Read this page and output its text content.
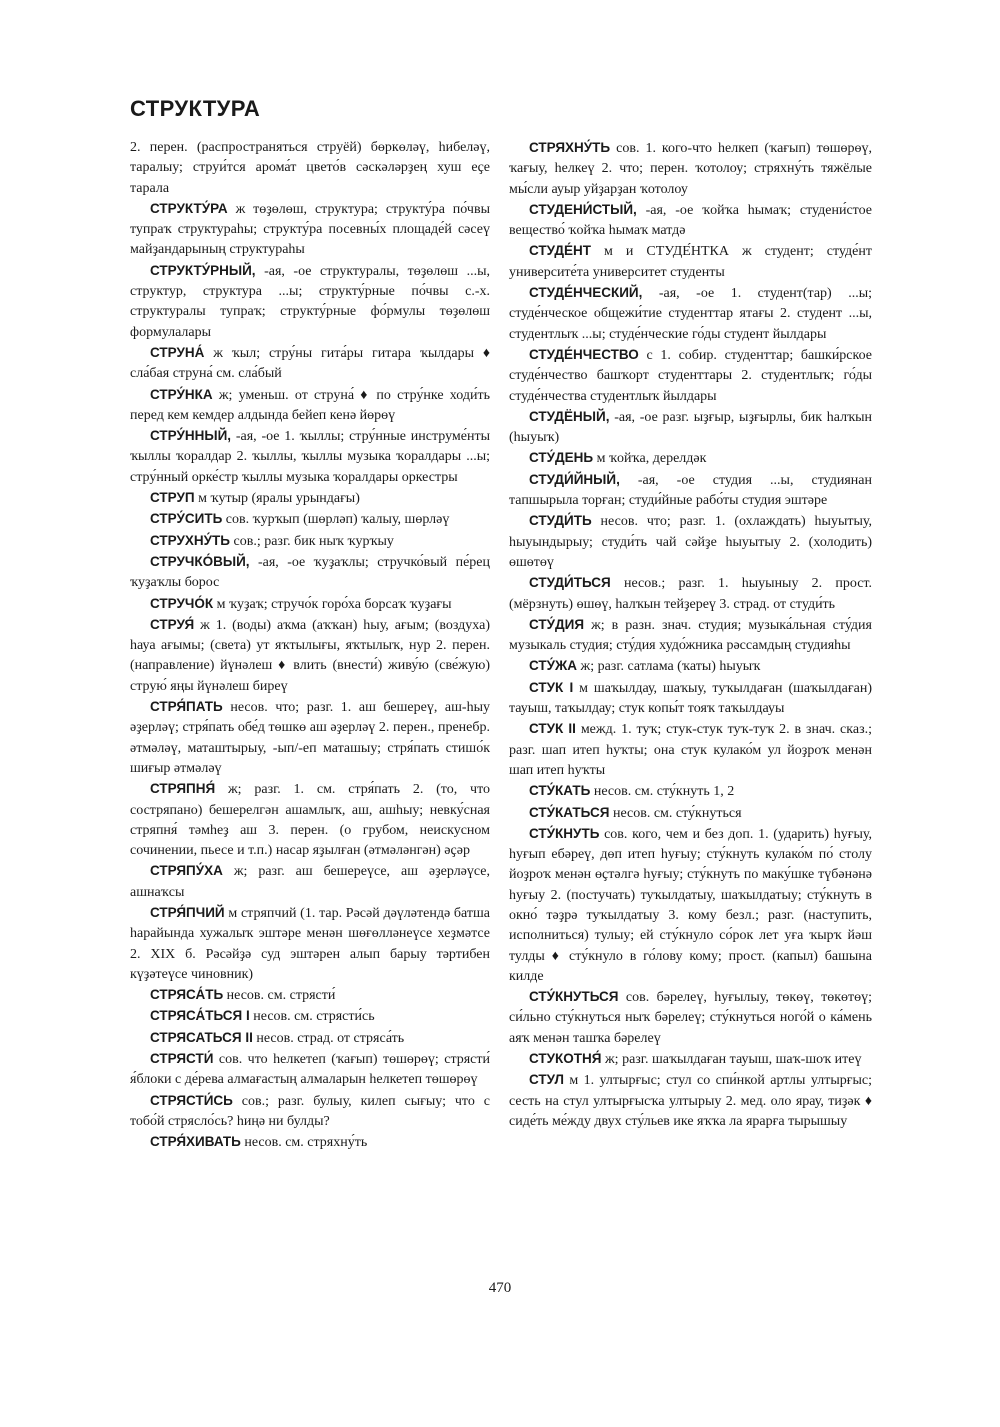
СТРУКТУРА

2. перен. (распространяться струёй) бөркөләү, һибеләү, таралыу; струи́тся арома́т цвето́в сәскәләрҙең хуш еҫе тарала

СТРУКТУ́РА ж төҙөлөш, структура; структу́ра по́чвы тупраҡ структураһы; структу́ра посевны́х площаде́й сәсеү майҙандарының структураһы

СТРУКТУ́РНЫЙ, -ая, -ое структуралы, төҙөлөш ...ы, структур, структура ...ы; структу́рные по́чвы с.-х. структуралы тупраҡ; структу́рные фо́рмулы төҙөлөш формулалары

СТРУНА́ ж ҡыл; стру́ны гита́ры гитара ҡылдары ♦ сла́бая струна́ см. сла́бый

СТРУ́НКА ж; уменьш. от струна́ ♦ по стру́нке ходи́ть перед кем кемдер алдында бейеп кенә йөрөү

СТРУ́ННЫЙ, -ая, -ое 1. ҡыллы; стру́нные инструме́нты ҡыллы ҡоралдар 2. ҡыллы, ҡыллы музыка ҡоралдары ...ы; стру́нный орке́стр ҡыллы музыка ҡоралдары оркестры

СТРУП м ҡутыр (яралы урындағы)

СТРУ́СИТЬ сов. ҡурҡып (шөрләп) ҡалыу, шөрләү

СТРУХНУ́ТЬ сов.; разг. бик ныҡ ҡурҡыу

СТРУЧКО́ВЫЙ, -ая, -ое ҡуҙаҡлы; стручко́вый пе́рец ҡуҙаҡлы борос

СТРУЧО́К м ҡуҙаҡ; стручо́к горо́ха борсаҡ ҡуҙағы

СТРУЯ́ ж 1. (воды) аҡма (аҡҡан) һыу, ағым; (воздуха) һауа ағымы; (света) ут яҡтылығы, яҡтылыҡ, нур 2. перен. (направление) йүнәлеш ♦ влить (внести́) живу́ю (све́жую) струю́ яңы йүнәлеш биреү

СТРЯ́ПАТЬ несов. что; разг. 1. аш бешереү, аш-һыу әҙерләү; стря́пать обе́д төшкө аш әҙерләү 2. перен., пренебр. әтмәләү, маташтырыу, -ып/-еп маташыу; стря́пать стишо́к шиғыр әтмәләү

СТРЯПНЯ́ ж; разг. 1. см. стря́пать 2. (то, что состряпано) бешерелгән ашамлыҡ, аш, ашһыу; невку́сная стряпня́ тәмһеҙ аш 3. перен. (о грубом, неискусном сочинении, пьесе и т.п.) насар яҙылған (әтмәләнгән) әҫәр

СТРЯПУ́ХА ж; разг. аш бешереүсе, аш әҙерләүсе, ашнаҡсы

СТРЯ́ПЧИЙ м стряпчий (1. тар. Рәсәй дәүләтендә батша һарайында хужалыҡ эштәре менән шөғөлләнеүсе хеҙмәтсе 2. XIX б. Рәсәйҙә суд эштәрен алып барыу тәртибен күҙәтеүсе чиновник)

СТРЯСА́ТЬ несов. см. стрясти́

СТРЯСА́ТЬСЯ I несов. см. стрясти́сь

СТРЯСАТЬСЯ II несов. страд. от стряса́ть

СТРЯСТИ́ сов. что һелкетеп (ҡағып) төшөрөү; стрясти́ я́блоки с де́рева алмағастың алмаларын һелкетеп төшөрөү

СТРЯСТИ́СЬ сов.; разг. булыу, килеп сығыу; что с тобо́й стрясло́сь? һиңә ни булды?

СТРЯ́ХИВАТЬ несов. см. стряхну́ть

СТРЯХНУ́ТЬ сов. 1. кого-что һелкеп (ҡағып) төшөрөү, ҡағыу, һелкеү 2. что; перен. ҡотолоу; стряхну́ть тяжёлые мы́сли ауыр уйҙарҙан ҡотолоу

СТУДЕНИ́СТЫЙ, -ая, -ое ҡойҡа һымаҡ; студени́стое вещество́ ҡойҡа һымаҡ матдә

СТУДЕ́НТ м и СТУДЕ́НТКА ж студент; студе́нт университе́та университет студенты

СТУДЕ́НЧЕСКИЙ, -ая, -ое 1. студент(тар) ...ы; студе́нческое общежи́тие студенттар ятағы 2. студент ...ы, студентлыҡ ...ы; студе́нческие го́ды студент йылдары

СТУДЕ́НЧЕСТВО с 1. собир. студенттар; башки́рское студе́нчество башҡорт студенттары 2. студентлыҡ; го́ды студе́нчества студентлыҡ йылдары

СТУДЁНЫЙ, -ая, -ое разг. ыҙғыр, ыҙғырлы, бик һалҡын (һыуыҡ)

СТУ́ДЕНЬ м ҡойҡа, дерелдәк

СТУДИ́ЙНЫЙ, -ая, -ое студия ...ы, студиянан тапшырыла торған; студи́йные рабо́ты студия эштәре

СТУДИ́ТЬ несов. что; разг. 1. (охлаждать) һыуытыу, һыуындырыу; студи́ть чай сәйҙе һыуытыу 2. (холодить) өшөтөү

СТУДИ́ТЬСЯ несов.; разг. 1. һыуыныу 2. прост. (мёрзнуть) өшөү, һалҡын тейҙереү 3. страд. от студи́ть

СТУ́ДИЯ ж; в разн. знач. студия; музыка́льная сту́дия музыкаль студия; сту́дия худо́жника рәссамдың студияһы

СТУ́ЖА ж; разг. сатлама (ҡаты) һыуыҡ

СТУК I м шаҡылдау, шаҡыу, туҡылдаған (шаҡылдаған) тауыш, таҡылдау; стук копы́т тояҡ таҡылдауы

СТУК II межд. 1. туҡ; стук-стук туҡ-туҡ 2. в знач. сказ.; разг. шап итеп һуҡты; она стук кулако́м ул йоҙроҡ менән шап итеп һуҡты

СТУ́КАТЬ несов. см. сту́кнуть 1, 2

СТУ́КАТЬСЯ несов. см. сту́кнуться

СТУ́КНУТЬ сов. кого, чем и без доп. 1. (ударить) һуғыу, һуғып ебәреү, дөп итеп һуғыу; сту́кнуть кулако́м по́ столу йоҙроҡ менән өҫтәлгә һуғыу; сту́кнуть по маку́шке түбәнәнә һуғыу 2. (постучать) туҡылдатыу, шаҡылдатыу; сту́кнуть в окно́ тәҙрә туҡылдатыу 3. кому безл.; разг. (наступить, исполниться) тулыу; ей сту́кнуло со́рок лет уға ҡырҡ йәш тулды ♦ сту́кнуло в го́лову кому; прост. (капыл) башына килде

СТУ́КНУТЬСЯ сов. бәрелеү, һуғылыу, төкөү, төкөтөү; си́льно сту́кнуться ныҡ бәрелеү; сту́кнуться ного́й о ка́мень аяҡ менән ташҡа бәрелеү

СТУКОТНЯ́ ж; разг. шаҡылдаған тауыш, шаҡ-шоҡ итеү

СТУЛ м 1. ултырғыс; стул со спи́нкой артлы ултырғыс; сесть на стул ултырғысҡа ултырыу 2. мед. оло ярау, тиҙәк ♦ сиде́ть ме́жду двух сту́льев ике яҡҡа ла ярарға тырышыу

470
